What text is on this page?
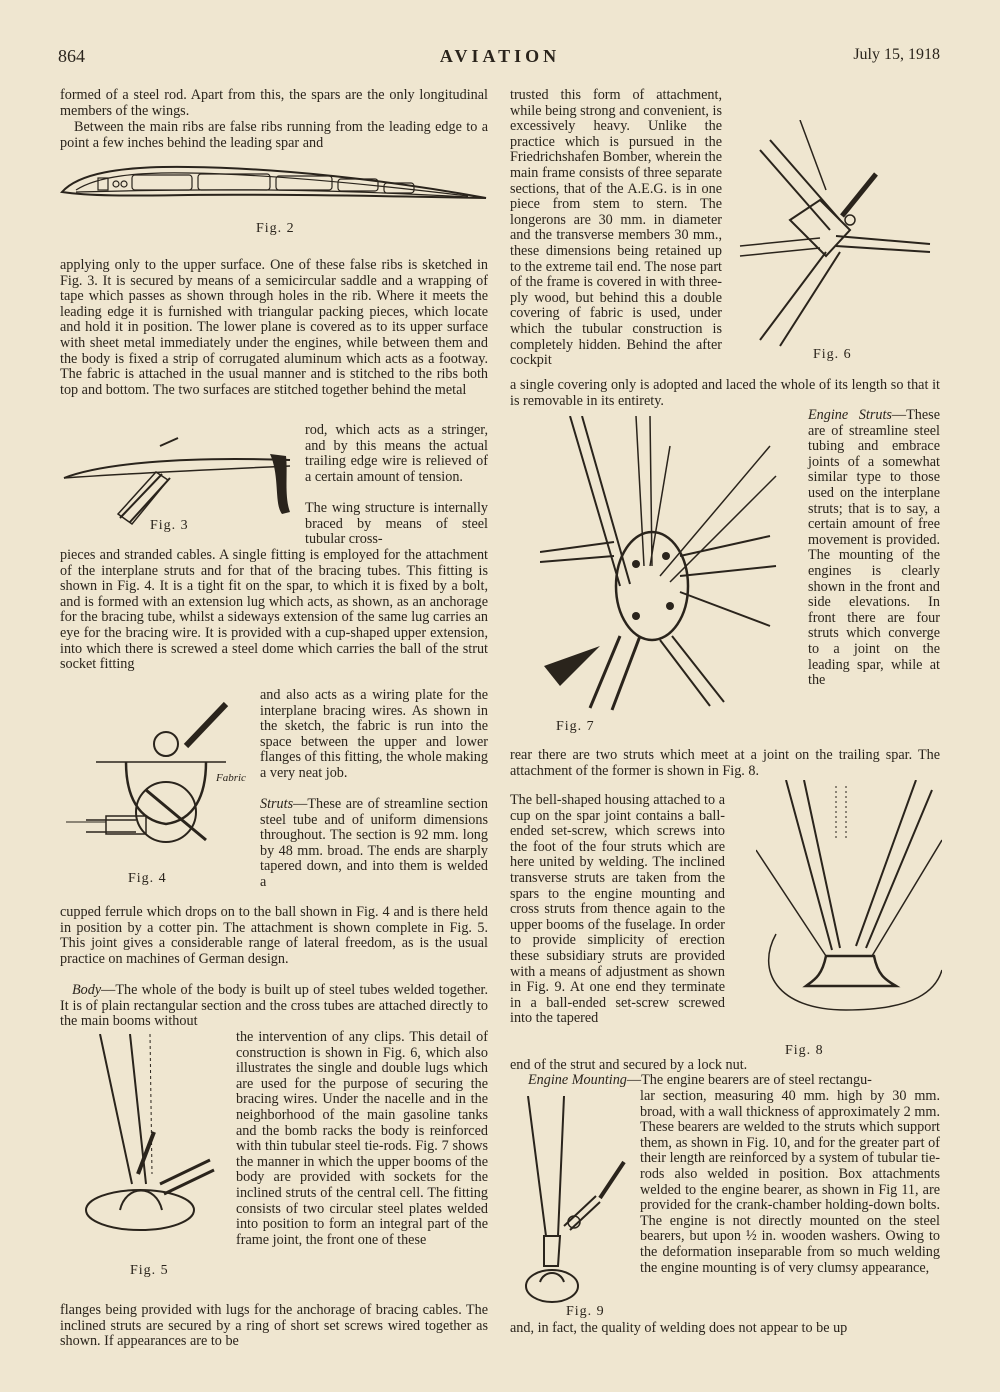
864	AVIATION	July 15, 1918

formed of a steel rod. Apart from this, the spars are the only longitudinal members of the wings.

Between the main ribs are false ribs running from the leading edge to a point a few inches behind the leading spar and

Fig. 2

applying only to the upper surface. One of these false ribs is sketched in Fig. 3. It is secured by means of a semicircular saddle and a wrapping of tape which passes as shown through holes in the rib. Where it meets the leading edge it is furnished with triangular packing pieces, which locate and hold it in position. The lower plane is covered as to its upper surface with sheet metal immediately under the engines, while between them and the body is fixed a strip of corrugated aluminum which acts as a footway. The fabric is attached in the usual manner and is stitched to the ribs both top and bottom. The two surfaces are stitched together behind the metal

rod, which acts as a stringer, and by this means the actual trailing edge wire is relieved of a certain amount of tension.

Fig. 3

The wing structure is internally braced by means of steel tubular cross-

pieces and stranded cables. A single fitting is employed for the attachment of the interplane struts and for that of the bracing tubes. This fitting is shown in Fig. 4. It is a tight fit on the spar, to which it is fixed by a bolt, and is formed with an extension lug which acts, as shown, as an anchorage for the bracing tube, whilst a sideways extension of the same lug carries an eye for the bracing wire. It is provided with a cup-shaped upper extension, into which there is screwed a steel dome which carries the ball of the strut socket fitting

and also acts as a wiring plate for the interplane bracing wires. As shown in the sketch, the fabric is run into the space between the upper and lower flanges of this fitting, the whole making a very neat job.

Fabric
Fig. 4

Struts—These are of streamline section steel tube and of uniform dimensions throughout. The section is 92 mm. long by 48 mm. broad. The ends are sharply tapered down, and into them is welded a

cupped ferrule which drops on to the ball shown in Fig. 4 and is there held in position by a cotter pin. The attachment is shown complete in Fig. 5. This joint gives a considerable range of lateral freedom, as is the usual practice on machines of German design.

Body—The whole of the body is built up of steel tubes welded together. It is of plain rectangular section and the cross tubes are attached directly to the main booms without

Fig. 5

the intervention of any clips. This detail of construction is shown in Fig. 6, which also illustrates the single and double lugs which are used for the purpose of securing the bracing wires. Under the nacelle and in the neighborhood of the main gasoline tanks and the bomb racks the body is reinforced with thin tubular steel tie-rods. Fig. 7 shows the manner in which the upper booms of the body are provided with sockets for the inclined struts of the central cell. The fitting consists of two circular steel plates welded into position to form an integral part of the frame joint, the front one of these

flanges being provided with lugs for the anchorage of bracing cables. The inclined struts are secured by a ring of short set screws wired together as shown. If appearances are to be

trusted this form of attachment, while being strong and convenient, is excessively heavy. Unlike the practice which is pursued in the Friedrichshafen Bomber, wherein the main frame consists of three separate sections, that of the A.E.G. is in one piece from stem to stern. The longerons are 30 mm. in diameter and the transverse members 30 mm., these dimensions being retained up to the extreme tail end. The nose part of the frame is covered in with three-ply wood, but behind this a double covering of fabric is used, under which the tubular construction is completely hidden. Behind the after cockpit	Fig. 6

a single covering only is adopted and laced the whole of its length so that it is removable in its entirety.

Fig. 7

Engine Struts—These are of streamline steel tubing and embrace joints of a somewhat similar type to those used on the interplane struts; that is to say, a certain amount of free movement is provided. The mounting of the engines is clearly shown in the front and side elevations. In front there are four struts which converge to a joint on the leading spar, while at the

rear there are two struts which meet at a joint on the trailing spar. The attachment of the former is shown in Fig. 8.

Fig. 8

The bell-shaped housing attached to a cup on the spar joint contains a ball-ended set-screw, which screws into the foot of the four struts which are here united by welding. The inclined transverse struts are taken from the spars to the engine mounting and cross struts from thence again to the upper booms of the fuselage. In order to provide simplicity of erection these subsidiary struts are provided with a means of adjustment as shown in Fig. 9. At one end they terminate in a ball-ended set-screw screwed into the tapered

end of the strut and secured by a lock nut.

Fig. 9

Engine Mounting—The engine bearers are of steel rectangu-

lar section, measuring 40 mm. high by 30 mm. broad, with a wall thickness of approximately 2 mm. These bearers are welded to the struts which support them, as shown in Fig. 10, and for the greater part of their length are reinforced by a system of tubular tie-rods also welded in position. Box attachments welded to the engine bearer, as shown in Fig 11, are provided for the crank-chamber holding-down bolts. The engine is not directly mounted on the steel bearers, but upon ½ in. wooden washers. Owing to the deformation inseparable from so much welding the engine mounting is of very clumsy appearance,

and, in fact, the quality of welding does not appear to be up
